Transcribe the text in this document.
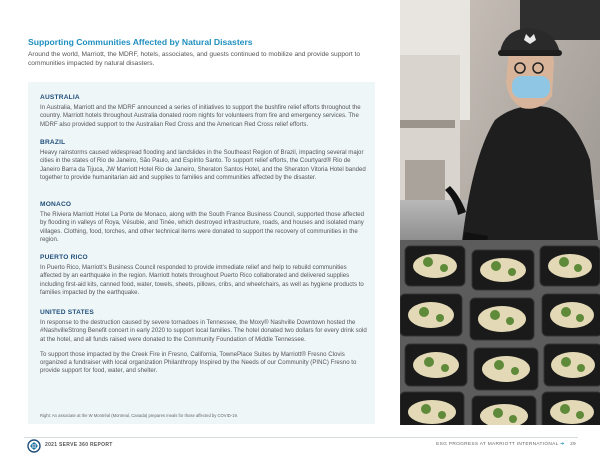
Supporting Communities Affected by Natural Disasters
Around the world, Marriott, the MDRF, hotels, associates, and guests continued to mobilize and provide support to communities impacted by natural disasters.
AUSTRALIA

In Australia, Marriott and the MDRF announced a series of initiatives to support the bushfire relief efforts throughout the country. Marriott hotels throughout Australia donated room nights for volunteers from fire and emergency services. The MDRF also provided support to the Australian Red Cross and the American Red Cross relief efforts.

BRAZIL

Heavy rainstorms caused widespread flooding and landslides in the Southeast Region of Brazil, impacting several major cities in the states of Rio de Janeiro, São Paulo, and Espírito Santo. To support relief efforts, the Courtyard® Rio de Janeiro Barra da Tijuca, JW Marriott Hotel Rio de Janeiro, Sheraton Santos Hotel, and the Sheraton Vitoria Hotel banded together to provide humanitarian aid and supplies to families and communities affected by the disaster.

MONACO

The Riviera Marriott Hotel La Porte de Monaco, along with the South France Business Council, supported those affected by flooding in valleys of Roya, Vésubie, and Tinée, which destroyed infrastructure, roads, and houses and isolated many villages. Clothing, food, torches, and other technical items were donated to support the recovery of communities in the region.

PUERTO RICO

In Puerto Rico, Marriott's Business Council responded to provide immediate relief and help to rebuild communities affected by an earthquake in the region. Marriott hotels throughout Puerto Rico collaborated and delivered supplies including first-aid kits, canned food, water, towels, sheets, pillows, cribs, and wheelchairs, as well as hygiene products to families impacted by the earthquake.

UNITED STATES

In response to the destruction caused by severe tornadoes in Tennessee, the Moxy® Nashville Downtown hosted the #NashvilleStrong Benefit concert in early 2020 to support local families. The hotel donated two dollars for every drink sold at the hotel, and all funds raised were donated to the Community Foundation of Middle Tennessee.

To support those impacted by the Creek Fire in Fresno, California, TownePlace Suites by Marriott® Fresno Clovis organized a fundraiser with local organization Philanthropy Inspired by the Needs of our Community (PINC) Fresno to provide support for food, water, and shelter.

Right: An associate at the W Montréal (Montreal, Canada) prepares meals for those affected by COVID-19.
2021 SERVE 360 REPORT	ESG PROGRESS AT MARRIOTT INTERNATIONAL ➔ 29
